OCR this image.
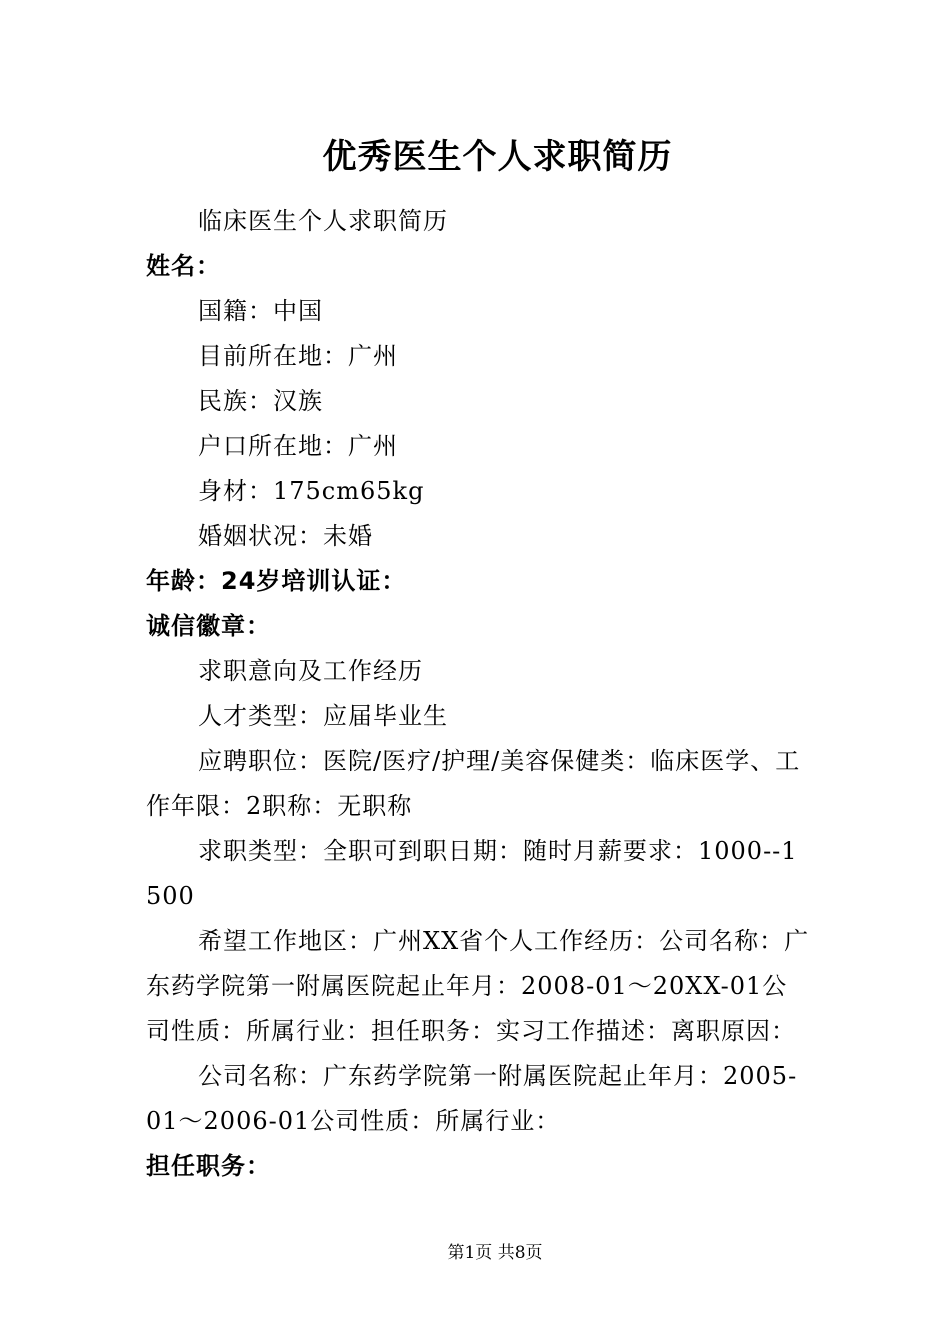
优秀医生个人求职简历

临床医生个人求职简历

姓名：

国籍：中国

目前所在地：广州

民族：汉族

户口所在地：广州

身材：175cm65kg

婚姻状况：未婚

年龄：24岁培训认证：

诚信徽章：

求职意向及工作经历

人才类型：应届毕业生

应聘职位：医院/医疗/护理/美容保健类：临床医学、工作年限：2职称：无职称

求职类型：全职可到职日期：随时月薪要求：1000--1500

希望工作地区：广州XX省个人工作经历：公司名称：广东药学院第一附属医院起止年月：2008-01～20XX-01公司性质：所属行业：担任职务：实习工作描述：离职原因：

公司名称：广东药学院第一附属医院起止年月：2005-01～2006-01公司性质：所属行业：

担任职务：

第1页 共8页
